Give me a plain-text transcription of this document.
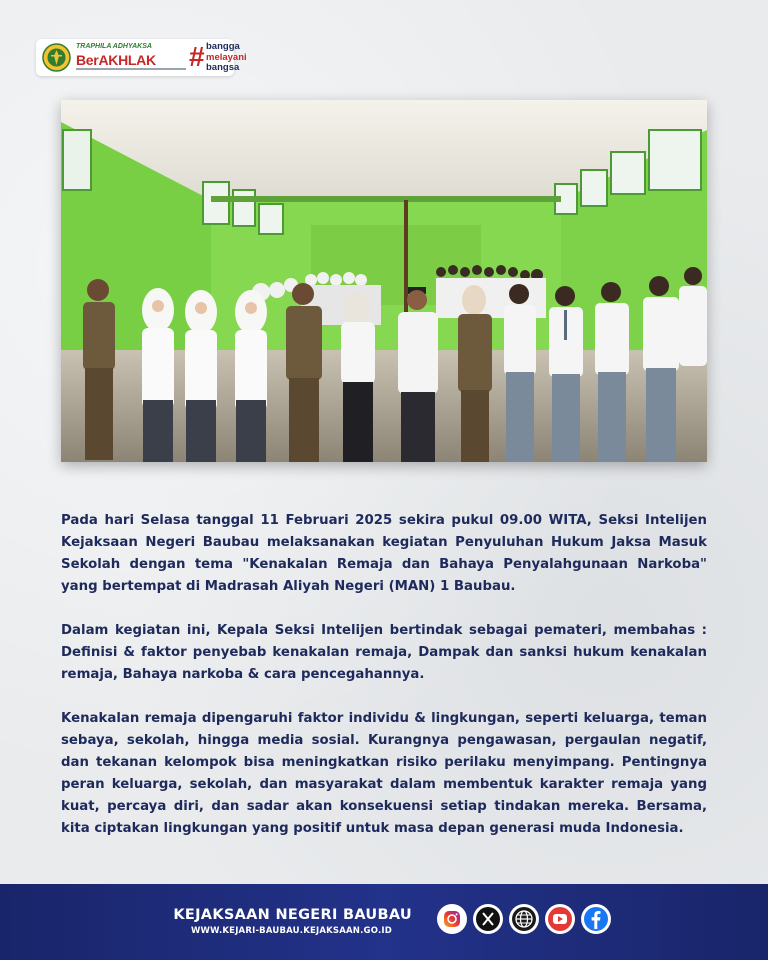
TRAPHILA ADHYAKSA
BerAKHLAK # bangga
melayani
bangsa

Pada hari Selasa tanggal 11 Februari 2025 sekira pukul 09.00 WITA, Seksi Intelijen Kejaksaan Negeri Baubau melaksanakan kegiatan Penyuluhan Hukum Jaksa Masuk Sekolah dengan tema "Kenakalan Remaja dan Bahaya Penyalahgunaan Narkoba" yang bertempat di Madrasah Aliyah Negeri (MAN) 1 Baubau.

Dalam kegiatan ini, Kepala Seksi Intelijen bertindak sebagai pemateri, membahas : Definisi & faktor penyebab kenakalan remaja, Dampak dan sanksi hukum kenakalan remaja, Bahaya narkoba & cara pencegahannya.

Kenakalan remaja dipengaruhi faktor individu & lingkungan, seperti keluarga, teman sebaya, sekolah, hingga media sosial. Kurangnya pengawasan, pergaulan negatif, dan tekanan kelompok bisa meningkatkan risiko perilaku menyimpang. Pentingnya peran keluarga, sekolah, dan masyarakat dalam membentuk karakter remaja yang kuat, percaya diri, dan sadar akan konsekuensi setiap tindakan mereka. Bersama, kita ciptakan lingkungan yang positif untuk masa depan generasi muda Indonesia.

KEJAKSAAN NEGERI BAUBAU
WWW.KEJARI-BAUBAU.KEJAKSAAN.GO.ID
